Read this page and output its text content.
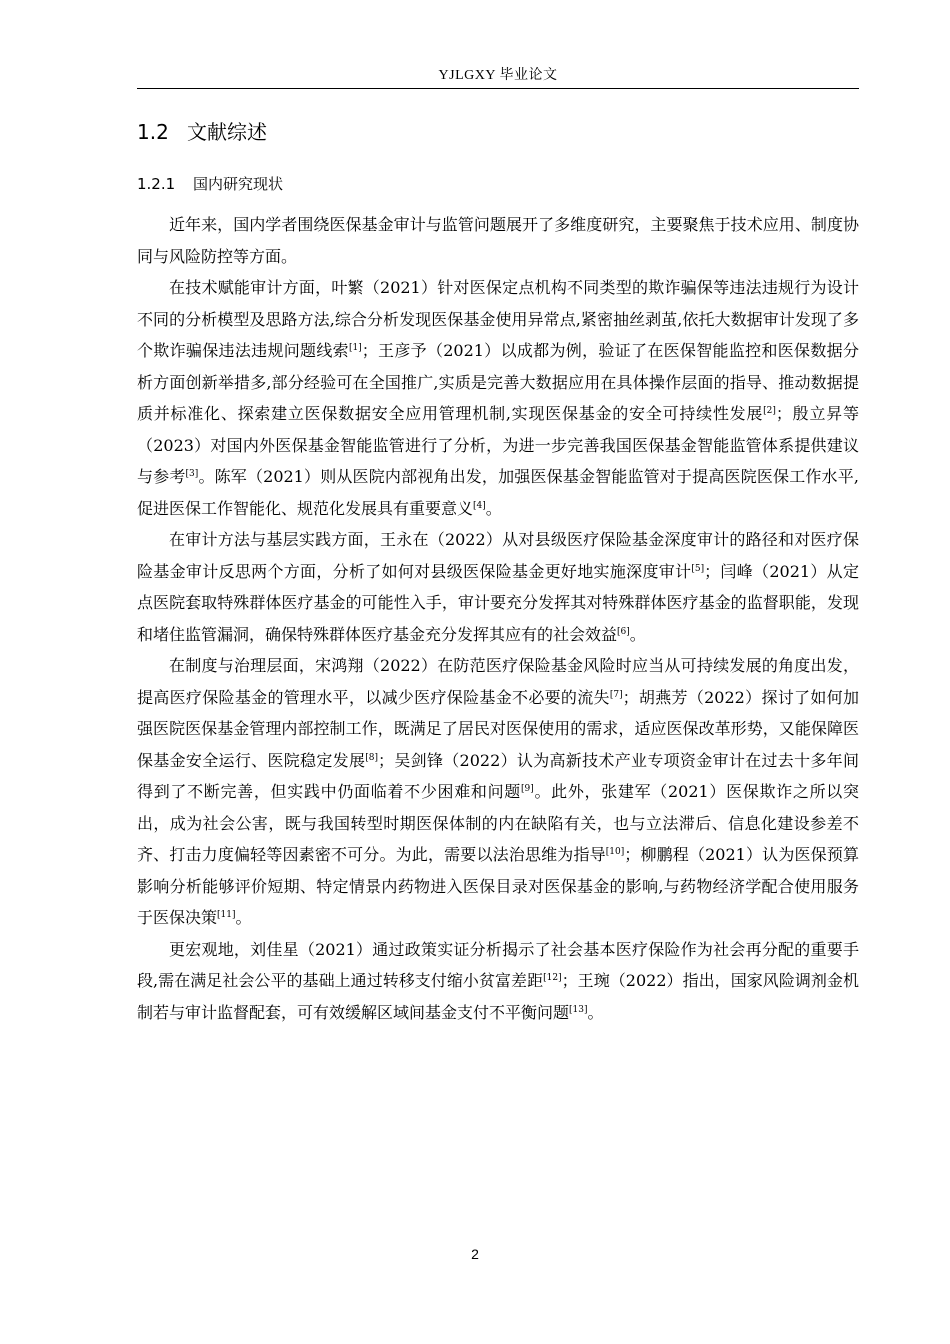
YJLGXY 毕业论文
1.2 文献综述
1.2.1 国内研究现状

近年来，国内学者围绕医保基金审计与监管问题展开了多维度研究，主要聚焦于技术应用、制度协同与风险防控等方面。

在技术赋能审计方面，叶繁（2021）针对医保定点机构不同类型的欺诈骗保等违法违规行为设计不同的分析模型及思路方法,综合分析发现医保基金使用异常点,紧密抽丝剥茧,依托大数据审计发现了多个欺诈骗保违法违规问题线索[1]；王彦予（2021）以成都为例，验证了在医保智能监控和医保数据分析方面创新举措多,部分经验可在全国推广,实质是完善大数据应用在具体操作层面的指导、推动数据提质并标准化、探索建立医保数据安全应用管理机制,实现医保基金的安全可持续性发展[2]；殷立昇等（2023）对国内外医保基金智能监管进行了分析，为进一步完善我国医保基金智能监管体系提供建议与参考[3]。陈军（2021）则从医院内部视角出发，加强医保基金智能监管对于提高医院医保工作水平,促进医保工作智能化、规范化发展具有重要意义[4]。

在审计方法与基层实践方面，王永在（2022）从对县级医疗保险基金深度审计的路径和对医疗保险基金审计反思两个方面，分析了如何对县级医保险基金更好地实施深度审计[5]；闫峰（2021）从定点医院套取特殊群体医疗基金的可能性入手，审计要充分发挥其对特殊群体医疗基金的监督职能，发现和堵住监管漏洞，确保特殊群体医疗基金充分发挥其应有的社会效益[6]。

在制度与治理层面，宋鸿翔（2022）在防范医疗保险基金风险时应当从可持续发展的角度出发，提高医疗保险基金的管理水平，以减少医疗保险基金不必要的流失[7]；胡燕芳（2022）探讨了如何加强医院医保基金管理内部控制工作，既满足了居民对医保使用的需求，适应医保改革形势，又能保障医保基金安全运行、医院稳定发展[8]；吴剑锋（2022）认为高新技术产业专项资金审计在过去十多年间得到了不断完善，但实践中仍面临着不少困难和问题[9]。此外，张建军（2021）医保欺诈之所以突出，成为社会公害，既与我国转型时期医保体制的内在缺陷有关，也与立法滞后、信息化建设参差不齐、打击力度偏轻等因素密不可分。为此，需要以法治思维为指导[10]；柳鹏程（2021）认为医保预算影响分析能够评价短期、特定情景内药物进入医保目录对医保基金的影响,与药物经济学配合使用服务于医保决策[11]。

更宏观地，刘佳星（2021）通过政策实证分析揭示了社会基本医疗保险作为社会再分配的重要手段,需在满足社会公平的基础上通过转移支付缩小贫富差距[12]；王琬（2022）指出，国家风险调剂金机制若与审计监督配套，可有效缓解区域间基金支付不平衡问题[13]。

2
